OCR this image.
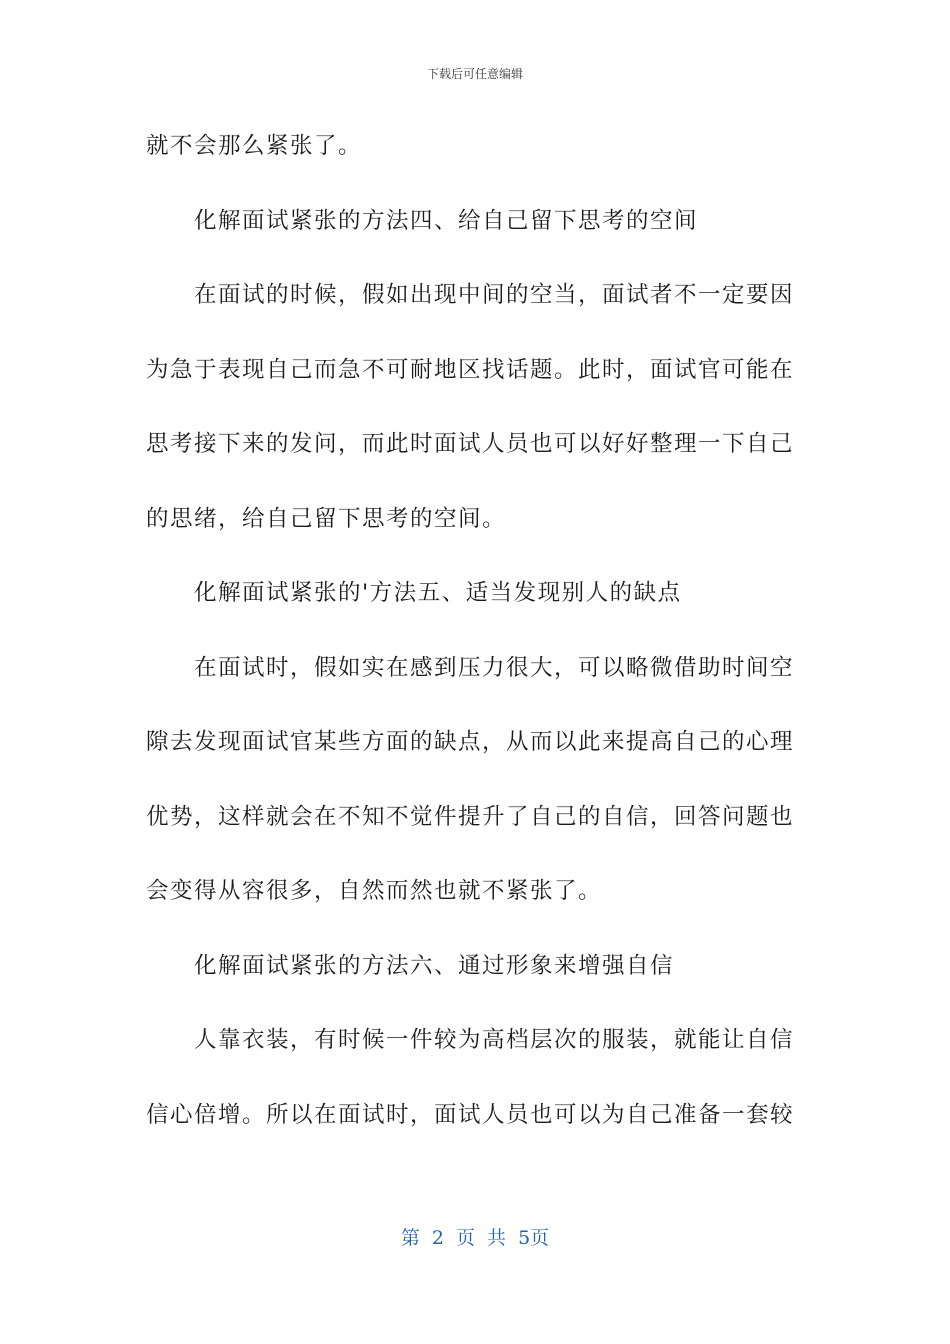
下载后可任意编辑
就不会那么紧张了。
化解面试紧张的方法四、给自己留下思考的空间
在面试的时候，假如出现中间的空当，面试者不一定要因
为急于表现自己而急不可耐地区找话题。此时，面试官可能在
思考接下来的发问，而此时面试人员也可以好好整理一下自己
的思绪，给自己留下思考的空间。
化解面试紧张的'方法五、适当发现别人的缺点
在面试时，假如实在感到压力很大，可以略微借助时间空
隙去发现面试官某些方面的缺点，从而以此来提高自己的心理
优势，这样就会在不知不觉件提升了自己的自信，回答问题也
会变得从容很多，自然而然也就不紧张了。
化解面试紧张的方法六、通过形象来增强自信
人靠衣装，有时候一件较为高档层次的服装，就能让自信
信心倍增。所以在面试时，面试人员也可以为自己准备一套较
第 2 页 共 5页
